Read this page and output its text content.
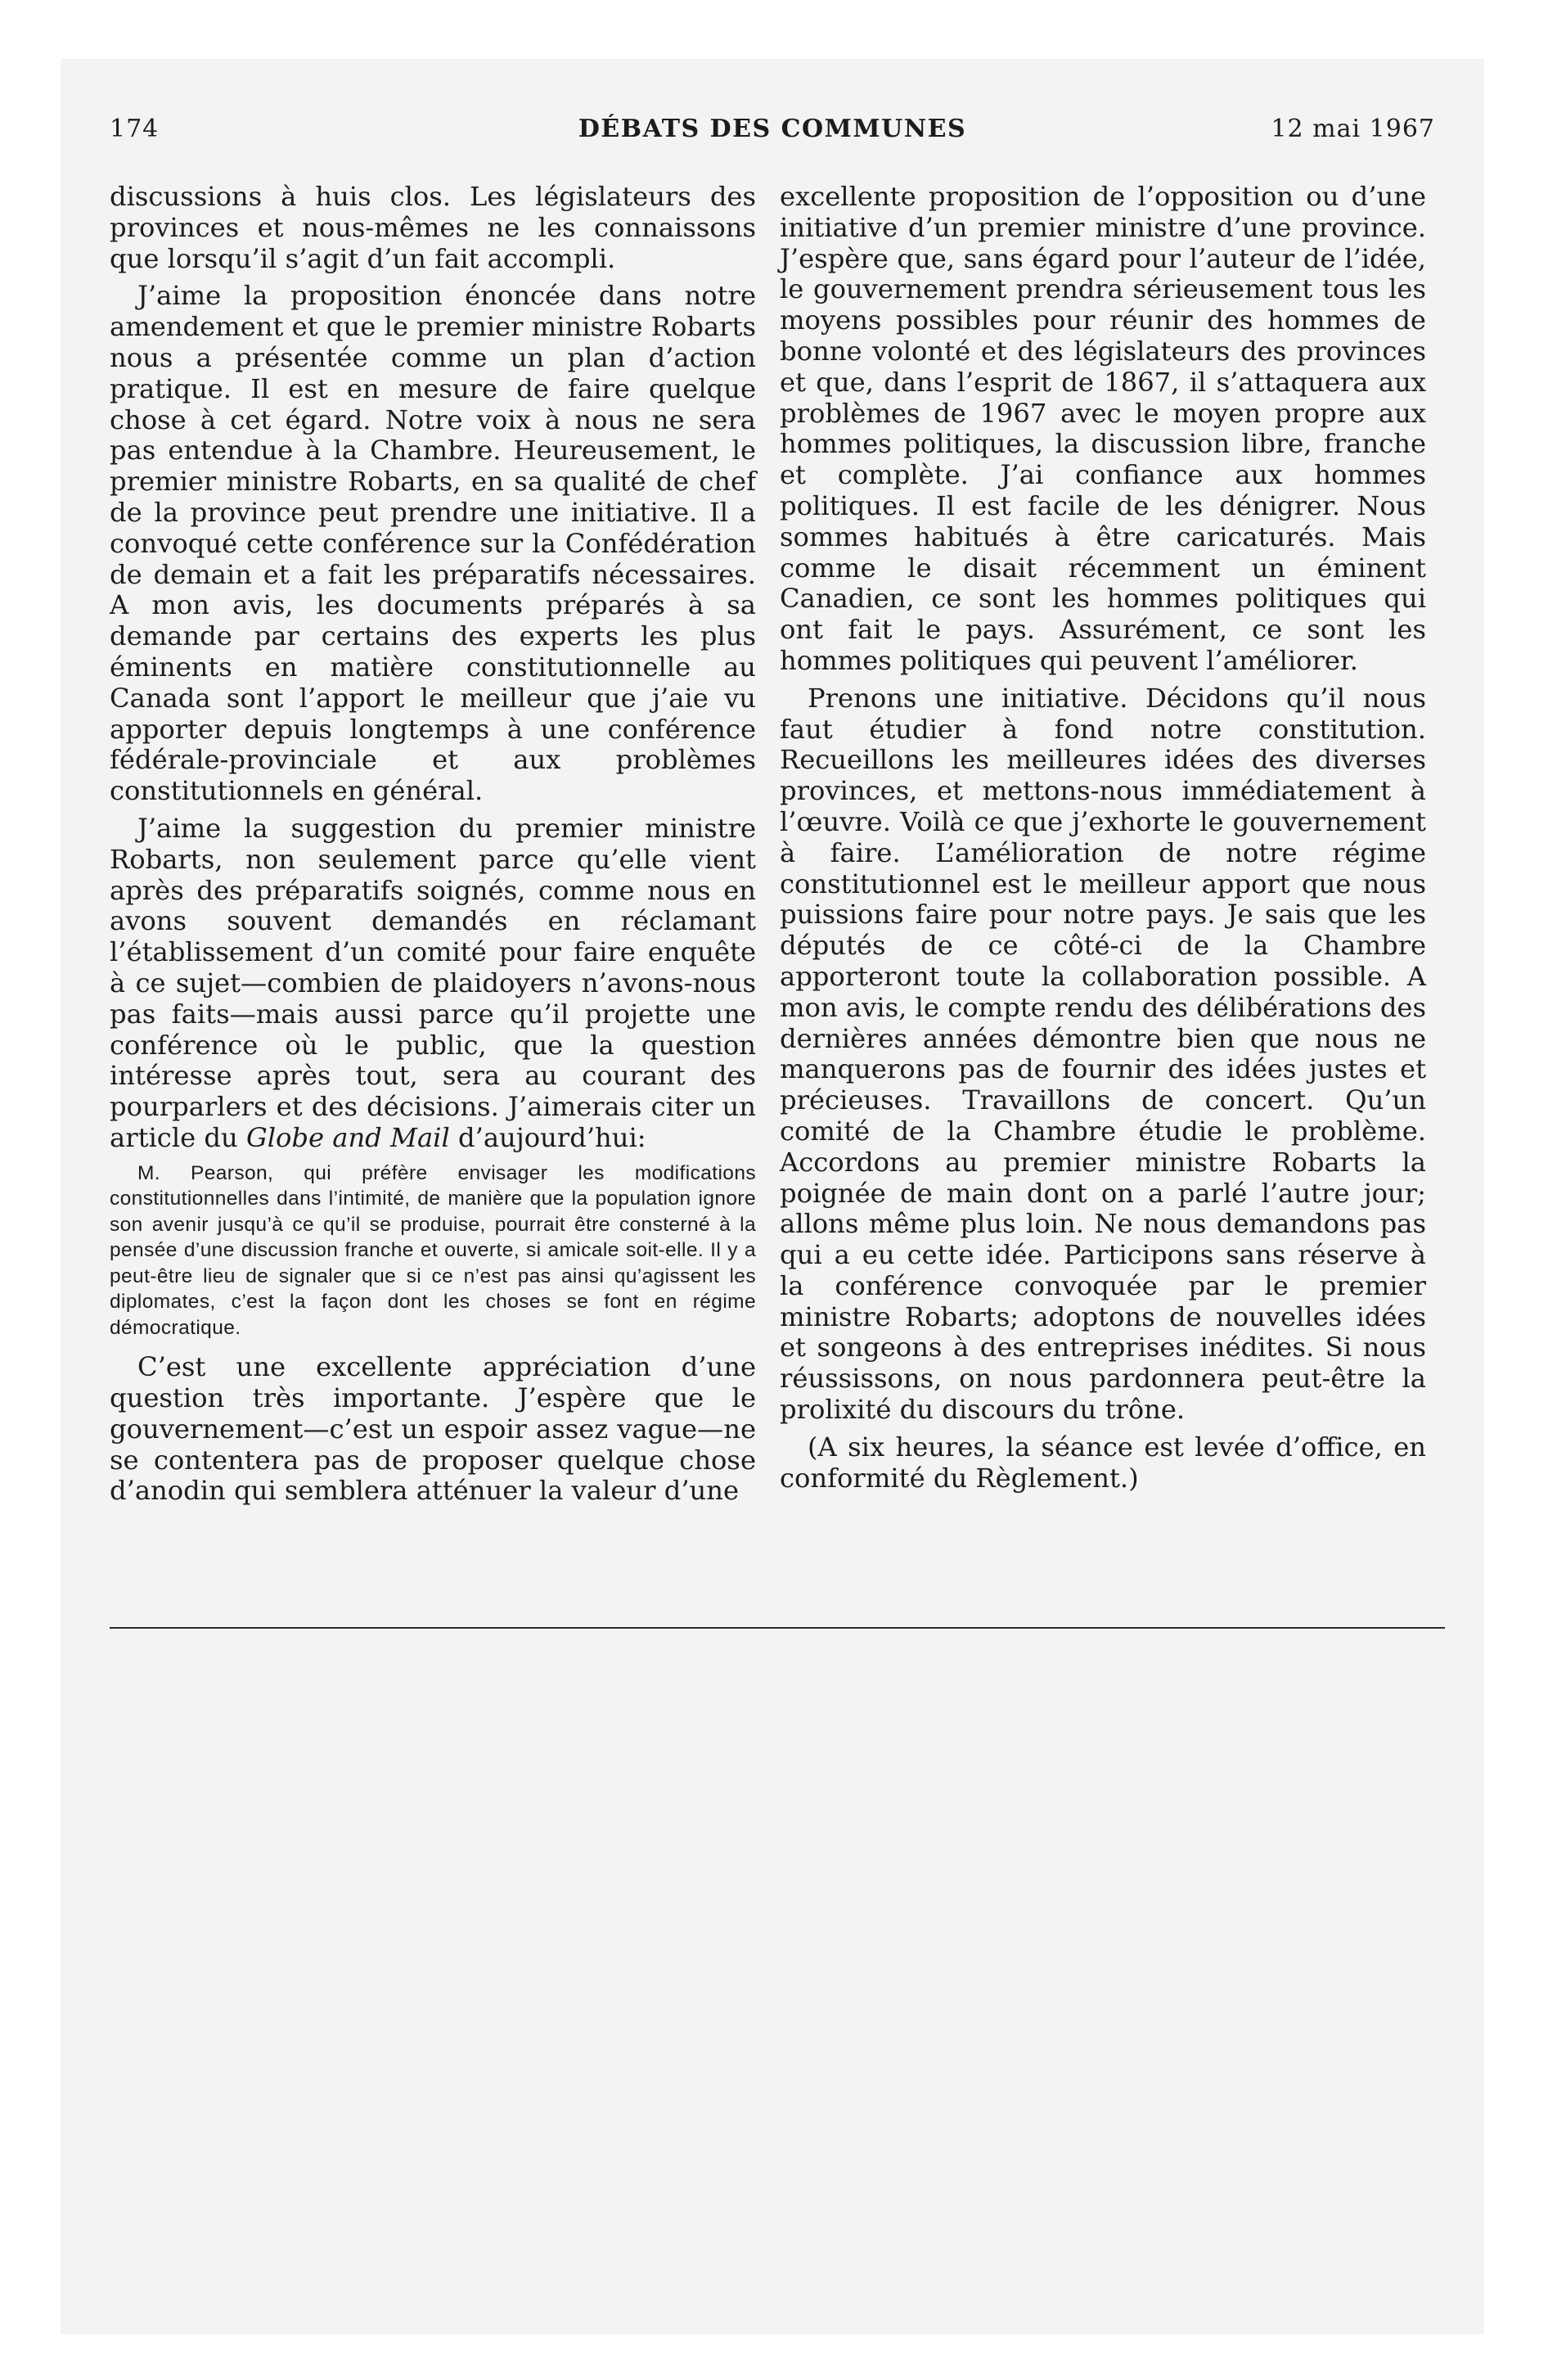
174	DÉBATS DES COMMUNES	12 mai 1967

discussions à huis clos. Les législateurs des provinces et nous-mêmes ne les connaissons que lorsqu’il s’agit d’un fait accompli.

J’aime la proposition énoncée dans notre amendement et que le premier ministre Robarts nous a présentée comme un plan d’action pratique. Il est en mesure de faire quelque chose à cet égard. Notre voix à nous ne sera pas entendue à la Chambre. Heureusement, le premier ministre Robarts, en sa qualité de chef de la province peut prendre une initiative. Il a convoqué cette conférence sur la Confédération de demain et a fait les préparatifs nécessaires. A mon avis, les documents préparés à sa demande par certains des experts les plus éminents en matière constitutionnelle au Canada sont l’apport le meilleur que j’aie vu apporter depuis longtemps à une conférence fédérale-provinciale et aux problèmes constitutionnels en général.

J’aime la suggestion du premier ministre Robarts, non seulement parce qu’elle vient après des préparatifs soignés, comme nous en avons souvent demandés en réclamant l’établissement d’un comité pour faire enquête à ce sujet—combien de plaidoyers n’avons-nous pas faits—mais aussi parce qu’il projette une conférence où le public, que la question intéresse après tout, sera au courant des pourparlers et des décisions. J’aimerais citer un article du Globe and Mail d’aujourd’hui:

M. Pearson, qui préfère envisager les modifications constitutionnelles dans l’intimité, de manière que la population ignore son avenir jusqu’à ce qu’il se produise, pourrait être consterné à la pensée d’une discussion franche et ouverte, si amicale soit-elle. Il y a peut-être lieu de signaler que si ce n’est pas ainsi qu’agissent les diplomates, c’est la façon dont les choses se font en régime démocratique.

C’est une excellente appréciation d’une question très importante. J’espère que le gouvernement—c’est un espoir assez vague—ne se contentera pas de proposer quelque chose d’anodin qui semblera atténuer la valeur d’une

excellente proposition de l’opposition ou d’une initiative d’un premier ministre d’une province. J’espère que, sans égard pour l’auteur de l’idée, le gouvernement prendra sérieusement tous les moyens possibles pour réunir des hommes de bonne volonté et des législateurs des provinces et que, dans l’esprit de 1867, il s’attaquera aux problèmes de 1967 avec le moyen propre aux hommes politiques, la discussion libre, franche et complète. J’ai confiance aux hommes politiques. Il est facile de les dénigrer. Nous sommes habitués à être caricaturés. Mais comme le disait récemment un éminent Canadien, ce sont les hommes politiques qui ont fait le pays. Assurément, ce sont les hommes politiques qui peuvent l’améliorer.

Prenons une initiative. Décidons qu’il nous faut étudier à fond notre constitution. Recueillons les meilleures idées des diverses provinces, et mettons-nous immédiatement à l’œuvre. Voilà ce que j’exhorte le gouvernement à faire. L’amélioration de notre régime constitutionnel est le meilleur apport que nous puissions faire pour notre pays. Je sais que les députés de ce côté-ci de la Chambre apporteront toute la collaboration possible. A mon avis, le compte rendu des délibérations des dernières années démontre bien que nous ne manquerons pas de fournir des idées justes et précieuses. Travaillons de concert. Qu’un comité de la Chambre étudie le problème. Accordons au premier ministre Robarts la poignée de main dont on a parlé l’autre jour; allons même plus loin. Ne nous demandons pas qui a eu cette idée. Participons sans réserve à la conférence convoquée par le premier ministre Robarts; adoptons de nouvelles idées et songeons à des entreprises inédites. Si nous réussissons, on nous pardonnera peut-être la prolixité du discours du trône.

(A six heures, la séance est levée d’office, en conformité du Règlement.)
